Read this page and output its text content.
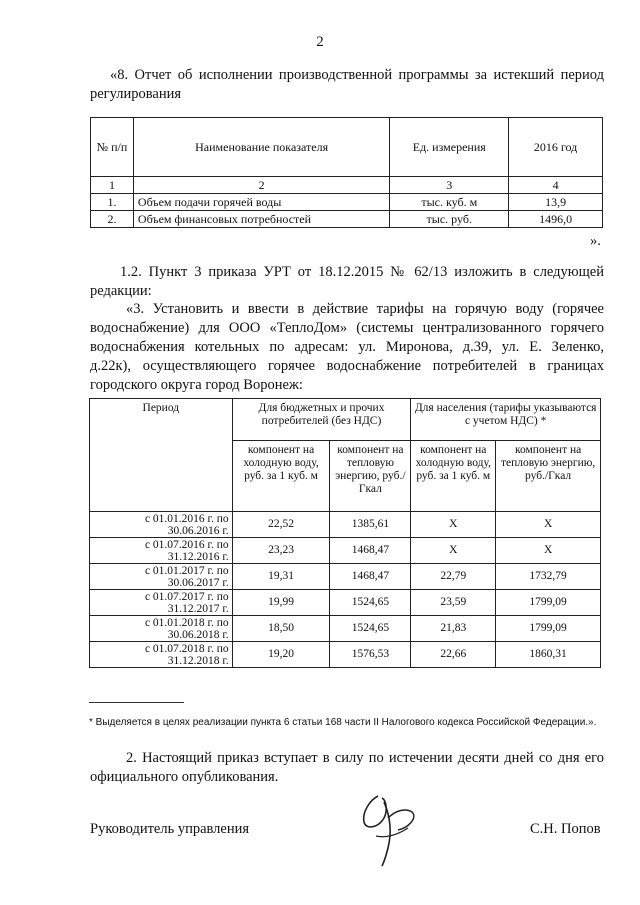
2
«8. Отчет об исполнении производственной программы за истекший период
регулирования
№ п/п	Наименование показателя	Ед. измерения	2016 год
1	2	3	4
1.	Объем подачи горячей воды	тыс. куб. м	13,9
2.	Объем финансовых потребностей	тыс. руб.	1496,0
».
1.2. Пункт 3 приказа УРТ от 18.12.2015 № 62/13 изложить в следующей
редакции:
«3. Установить и ввести в действие тарифы на горячую воду (горячее
водоснабжение) для ООО «ТеплоДом» (системы централизованного горячего
водоснабжения котельных по адресам: ул. Миронова, д.39, ул. Е. Зеленко,
д.22к), осуществляющего горячее водоснабжение потребителей в границах
городского округа город Воронеж:
Период	Для бюджетных и прочих потребителей (без НДС)		Для населения (тарифы указываются с учетом НДС) *	
	компонент на холодную воду, руб. за 1 куб. м	компонент на тепловую энергию, руб./Гкал	компонент на холодную воду, руб. за 1 куб. м	компонент на тепловую энергию, руб./Гкал

с 01.01.2016 г. по
30.06.2016 г.	22,52	1385,61	X	X

с 01.07.2016 г. по
31.12.2016 г.	23,23	1468,47	X	X

с 01.01.2017 г. по
30.06.2017 г.	19,31	1468,47	22,79	1732,79

с 01.07.2017 г. по
31.12.2017 г.	19,99	1524,65	23,59	1799,09

с 01.01.2018 г. по
30.06.2018 г.	18,50	1524,65	21,83	1799,09

с 01.07.2018 г. по
31.12.2018 г.	19,20	1576,53	22,66	1860,31
* Выделяется в целях реализации пункта 6 статьи 168 части II Налогового кодекса Российской Федерации.».
2. Настоящий приказ вступает в силу по истечении десяти дней со дня его
официального опубликования.
Руководитель управления	С.Н. Попов
